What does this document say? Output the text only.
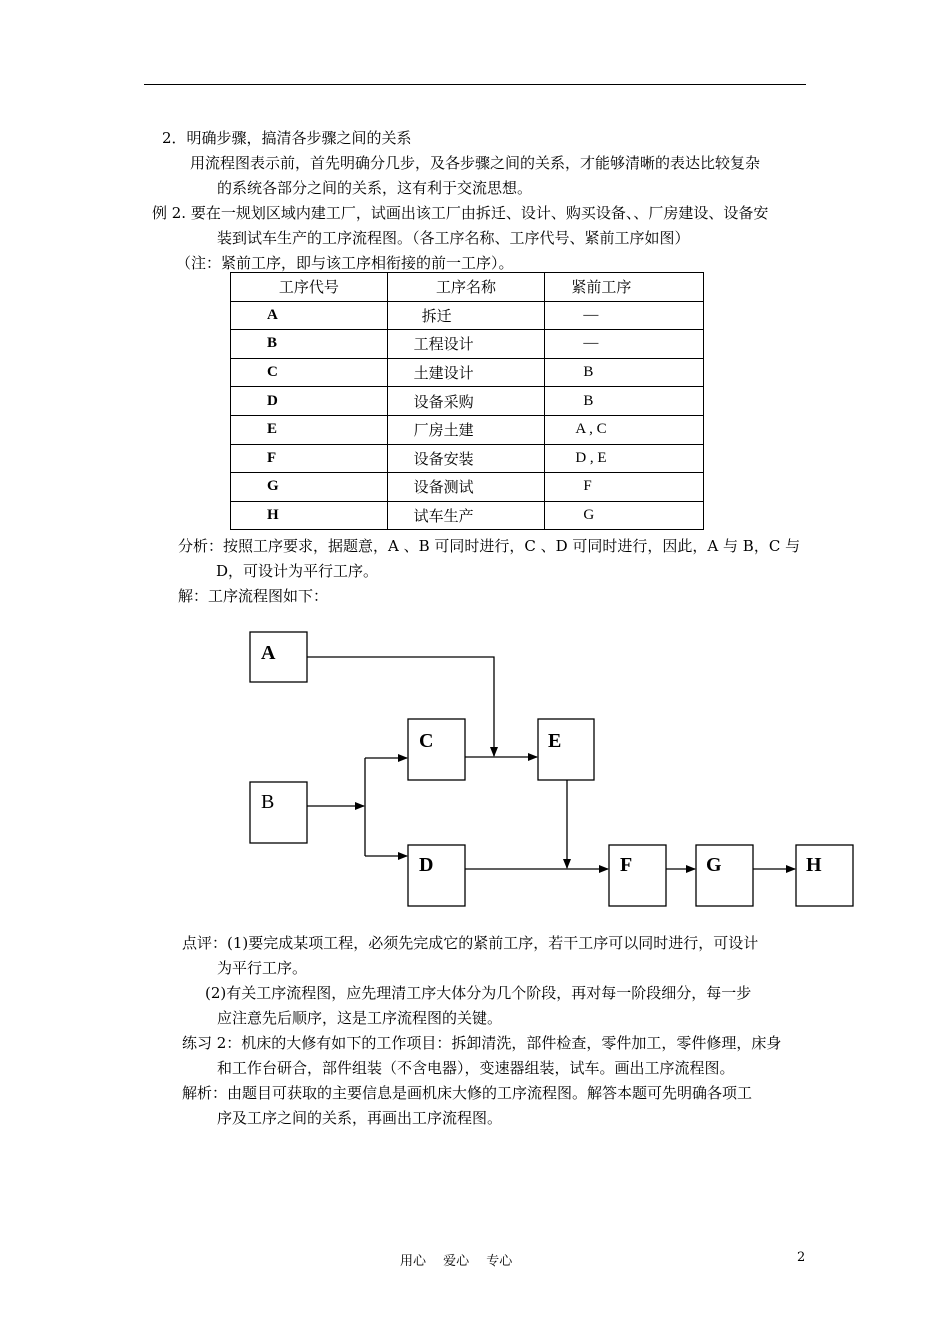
2．明确步骤，搞清各步骤之间的关系
用流程图表示前，首先明确分几步，及各步骤之间的关系，才能够清晰的表达比较复杂
的系统各部分之间的关系，这有利于交流思想。
例 2. 要在一规划区域内建工厂，试画出该工厂由拆迁、设计、购买设备、、厂房建设、设备安
装到试车生产的工序流程图。（各工序名称、工序代号、紧前工序如图）
（注：紧前工序，即与该工序相衔接的前一工序）。
工序代号	工序名称	紧前工序
A	拆迁	—
B	工程设计	—
C	土建设计	B
D	设备采购	B
E	厂房土建	A , C
F	设备安装	D , E
G	设备测试	F
H	试车生产	G
分析：按照工序要求，据题意，A 、B 可同时进行，C 、D 可同时进行，因此，A 与 B，C 与
D，可设计为平行工序。
解：工序流程图如下：
A
B
C	E
D	F	G	H
点评：(1)要完成某项工程，必须先完成它的紧前工序，若干工序可以同时进行，可设计
为平行工序。
(2)有关工序流程图，应先理清工序大体分为几个阶段，再对每一阶段细分，每一步
应注意先后顺序，这是工序流程图的关键。
练习 2：机床的大修有如下的工作项目：拆卸清洗，部件检查，零件加工，零件修理，床身
和工作台研合，部件组装（不含电器），变速器组装，试车。画出工序流程图。
解析：由题目可获取的主要信息是画机床大修的工序流程图。解答本题可先明确各项工
序及工序之间的关系，再画出工序流程图。
用心　 爱心　 专心	2
